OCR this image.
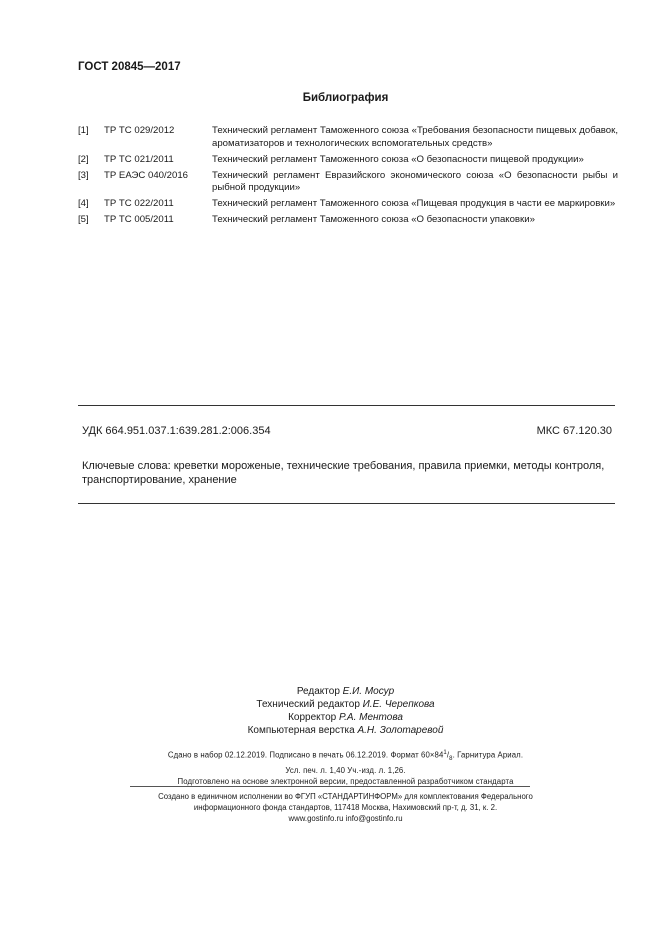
ГОСТ 20845—2017
Библиография
[1]	ТР ТС 029/2012	Технический регламент Таможенного союза «Требования безопасности пищевых добавок, ароматизаторов и технологических вспомогательных средств»
[2]	ТР ТС 021/2011	Технический регламент Таможенного союза «О безопасности пищевой продукции»
[3]	ТР ЕАЭС 040/2016	Технический регламент Евразийского экономического союза «О безопасности рыбы и рыбной продукции»
[4]	ТР ТС 022/2011	Технический регламент Таможенного союза «Пищевая продукция в части ее маркировки»
[5]	ТР ТС 005/2011	Технический регламент Таможенного союза «О безопасности упаковки»
УДК 664.951.037.1:639.281.2:006.354	МКС 67.120.30
Ключевые слова: креветки мороженые, технические требования, правила приемки, методы контроля, транспортирование, хранение
Редактор Е.И. Мосур
Технический редактор И.Е. Черепкова
Корректор Р.А. Ментова
Компьютерная верстка А.Н. Золотаревой
Сдано в набор 02.12.2019. Подписано в печать 06.12.2019. Формат $60\times 84^1/_8$. Гарнитура Ариал.
Усл. печ. л. 1,40 Уч.-изд. л. 1,26.
Подготовлено на основе электронной версии, предоставленной разработчиком стандарта
Создано в единичном исполнении во ФГУП «СТАНДАРТИНФОРМ» для комплектования Федерального
информационного фонда стандартов, 117418 Москва, Нахимовский пр-т, д. 31, к. 2.
www.gostinfo.ru info@gostinfo.ru
